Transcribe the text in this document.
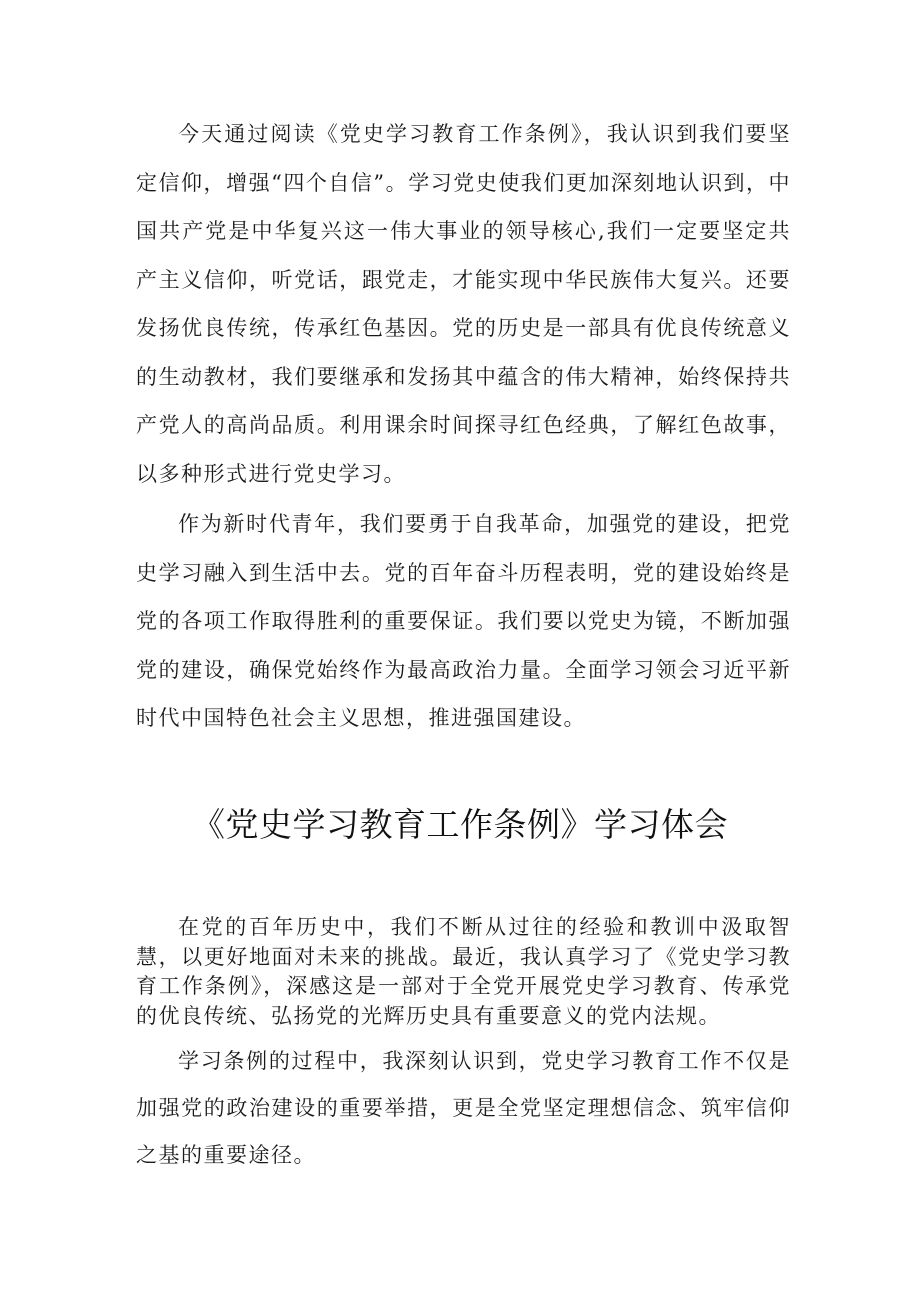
今天通过阅读《党史学习教育工作条例》，我认识到我们要坚定信仰，增强“四个自信”。学习党史使我们更加深刻地认识到，中国共产党是中华复兴这一伟大事业的领导核心,我们一定要坚定共产主义信仰，听党话，跟党走，才能实现中华民族伟大复兴。还要发扬优良传统，传承红色基因。党的历史是一部具有优良传统意义的生动教材，我们要继承和发扬其中蕴含的伟大精神，始终保持共产党人的高尚品质。利用课余时间探寻红色经典，了解红色故事，以多种形式进行党史学习。

作为新时代青年，我们要勇于自我革命，加强党的建设，把党史学习融入到生活中去。党的百年奋斗历程表明，党的建设始终是党的各项工作取得胜利的重要保证。我们要以党史为镜，不断加强党的建设，确保党始终作为最高政治力量。全面学习领会习近平新时代中国特色社会主义思想，推进强国建设。

《党史学习教育工作条例》学习体会

在党的百年历史中，我们不断从过往的经验和教训中汲取智慧，以更好地面对未来的挑战。最近，我认真学习了《党史学习教育工作条例》，深感这是一部对于全党开展党史学习教育、传承党的优良传统、弘扬党的光辉历史具有重要意义的党内法规。

学习条例的过程中，我深刻认识到，党史学习教育工作不仅是加强党的政治建设的重要举措，更是全党坚定理想信念、筑牢信仰之基的重要途径。
